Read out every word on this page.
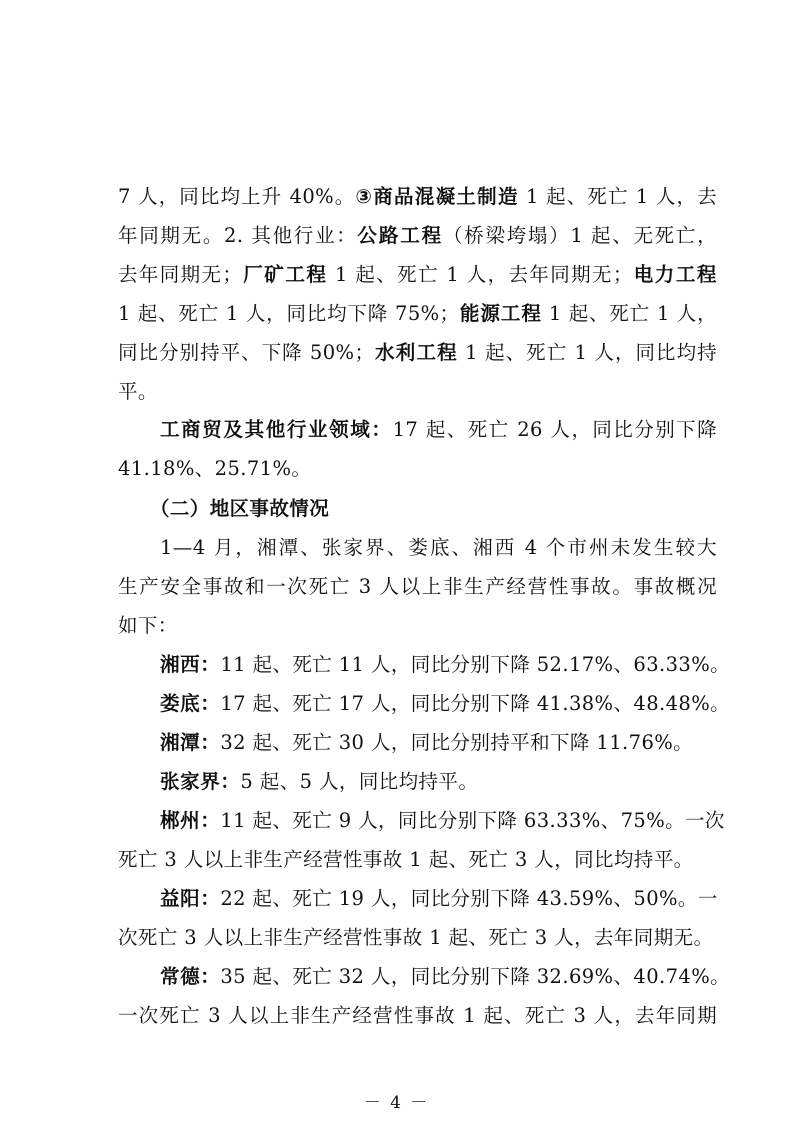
7 人，同比均上升 40%。③商品混凝土制造 1 起、死亡 1 人，去
年同期无。2. 其他行业：公路工程（桥梁垮塌）1 起、无死亡，
去年同期无；厂矿工程 1 起、死亡 1 人，去年同期无；电力工程
1 起、死亡 1 人，同比均下降 75%；能源工程 1 起、死亡 1 人，
同比分别持平、下降 50%；水利工程 1 起、死亡 1 人，同比均持
平。
工商贸及其他行业领域：17 起、死亡 26 人，同比分别下降
41.18%、25.71%。
（二）地区事故情况
1—4 月，湘潭、张家界、娄底、湘西 4 个市州未发生较大
生产安全事故和一次死亡 3 人以上非生产经营性事故。事故概况
如下：
湘西：11 起、死亡 11 人，同比分别下降 52.17%、63.33%。
娄底：17 起、死亡 17 人，同比分别下降 41.38%、48.48%。
湘潭：32 起、死亡 30 人，同比分别持平和下降 11.76%。
张家界：5 起、5 人，同比均持平。
郴州：11 起、死亡 9 人，同比分别下降 63.33%、75%。一次
死亡 3 人以上非生产经营性事故 1 起、死亡 3 人，同比均持平。
益阳：22 起、死亡 19 人，同比分别下降 43.59%、50%。一
次死亡 3 人以上非生产经营性事故 1 起、死亡 3 人，去年同期无。
常德：35 起、死亡 32 人，同比分别下降 32.69%、40.74%。
一次死亡 3 人以上非生产经营性事故 1 起、死亡 3 人，去年同期
－ 4 －
